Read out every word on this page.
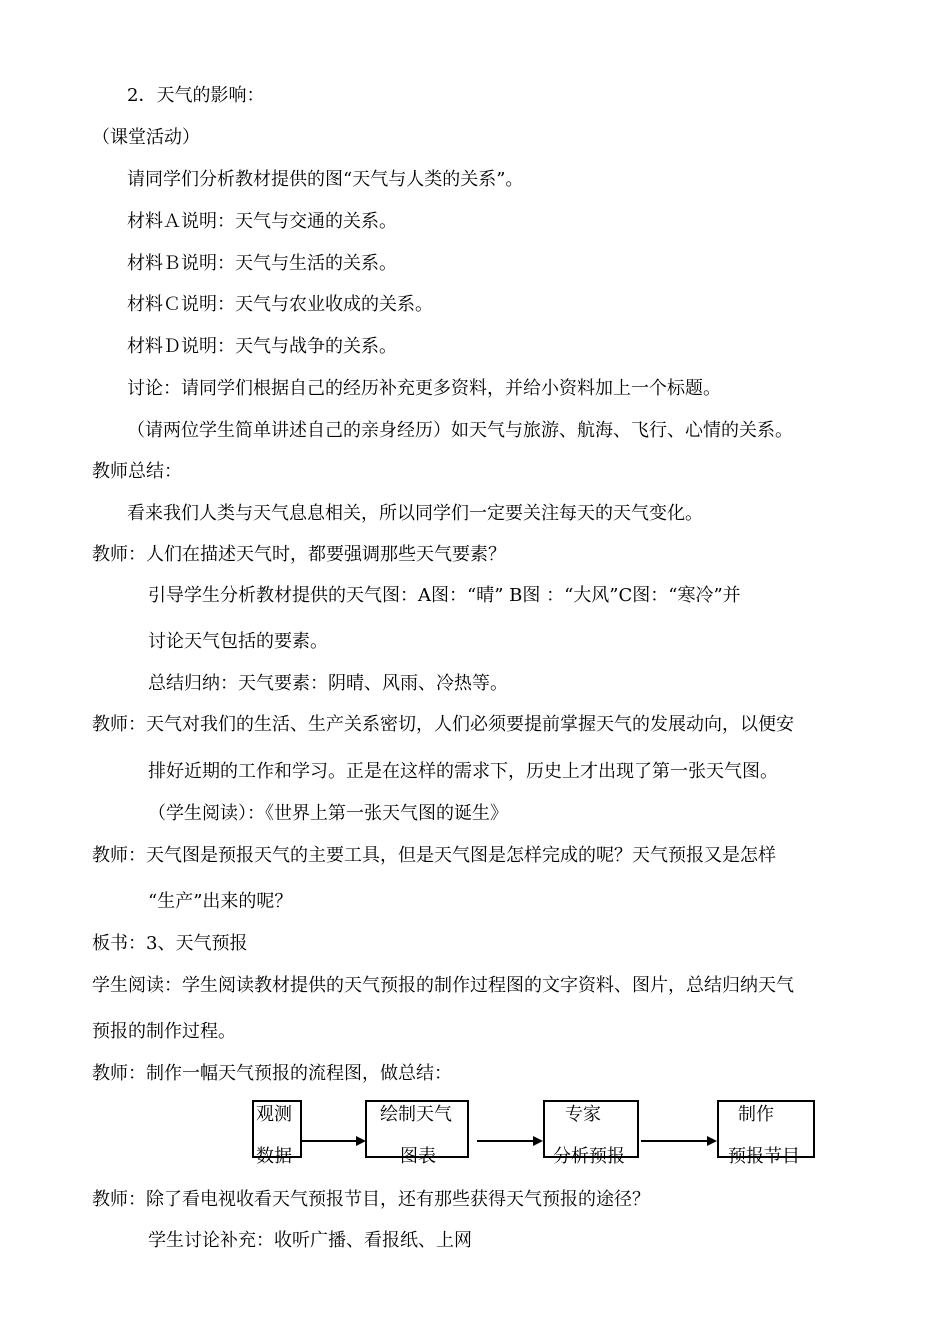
2．天气的影响：
（课堂活动）
请同学们分析教材提供的图“天气与人类的关系”。
材料Ａ说明：天气与交通的关系。
材料Ｂ说明：天气与生活的关系。
材料Ｃ说明：天气与农业收成的关系。
材料Ｄ说明：天气与战争的关系。
讨论：请同学们根据自己的经历补充更多资料，并给小资料加上一个标题。
（请两位学生简单讲述自己的亲身经历）如天气与旅游、航海、飞行、心情的关系。
教师总结：
看来我们人类与天气息息相关，所以同学们一定要关注每天的天气变化。
教师：人们在描述天气时，都要强调那些天气要素？
引导学生分析教材提供的天气图：A图：“晴” B图 ：“大风”C图：“寒冷”并
讨论天气包括的要素。
总结归纳：天气要素：阴晴、风雨、冷热等。
教师：天气对我们的生活、生产关系密切，人们必须要提前掌握天气的发展动向，以便安
排好近期的工作和学习。正是在这样的需求下，历史上才出现了第一张天气图。
（学生阅读）：《世界上第一张天气图的诞生》
教师：天气图是预报天气的主要工具，但是天气图是怎样完成的呢？天气预报又是怎样
“生产”出来的呢？
板书：3、天气预报
学生阅读：学生阅读教材提供的天气预报的制作过程图的文字资料、图片，总结归纳天气
预报的制作过程。
教师：制作一幅天气预报的流程图，做总结：
观测
数据
绘制天气
图表
专家
分析预报
制作
预报节目
教师：除了看电视收看天气预报节目，还有那些获得天气预报的途径？
学生讨论补充：收听广播、看报纸、上网
